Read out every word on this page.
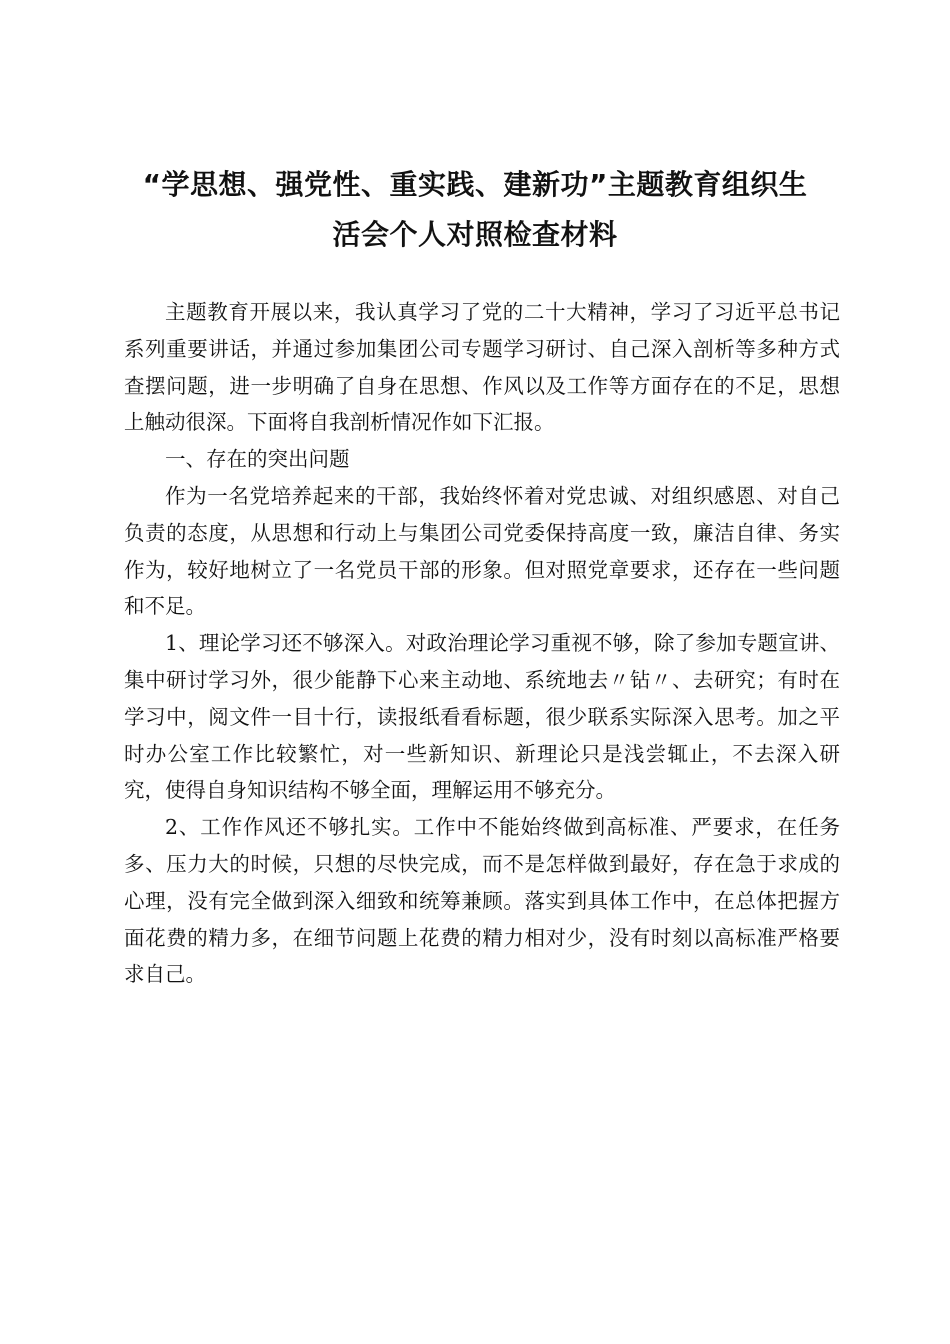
“学思想、强党性、重实践、建新功”主题教育组织生
活会个人对照检查材料

主题教育开展以来，我认真学习了党的二十大精神，学习了习近平总书记系列重要讲话，并通过参加集团公司专题学习研讨、自己深入剖析等多种方式查摆问题，进一步明确了自身在思想、作风以及工作等方面存在的不足，思想上触动很深。下面将自我剖析情况作如下汇报。

一、存在的突出问题

作为一名党培养起来的干部，我始终怀着对党忠诚、对组织感恩、对自己负责的态度，从思想和行动上与集团公司党委保持高度一致，廉洁自律、务实作为，较好地树立了一名党员干部的形象。但对照党章要求，还存在一些问题和不足。

1、理论学习还不够深入。对政治理论学习重视不够，除了参加专题宣讲、集中研讨学习外，很少能静下心来主动地、系统地去〃钻〃、去研究；有时在学习中，阅文件一目十行，读报纸看看标题，很少联系实际深入思考。加之平时办公室工作比较繁忙，对一些新知识、新理论只是浅尝辄止，不去深入研究，使得自身知识结构不够全面，理解运用不够充分。

2、工作作风还不够扎实。工作中不能始终做到高标准、严要求，在任务多、压力大的时候，只想的尽快完成，而不是怎样做到最好，存在急于求成的心理，没有完全做到深入细致和统筹兼顾。落实到具体工作中，在总体把握方面花费的精力多，在细节问题上花费的精力相对少，没有时刻以高标准严格要求自己。
